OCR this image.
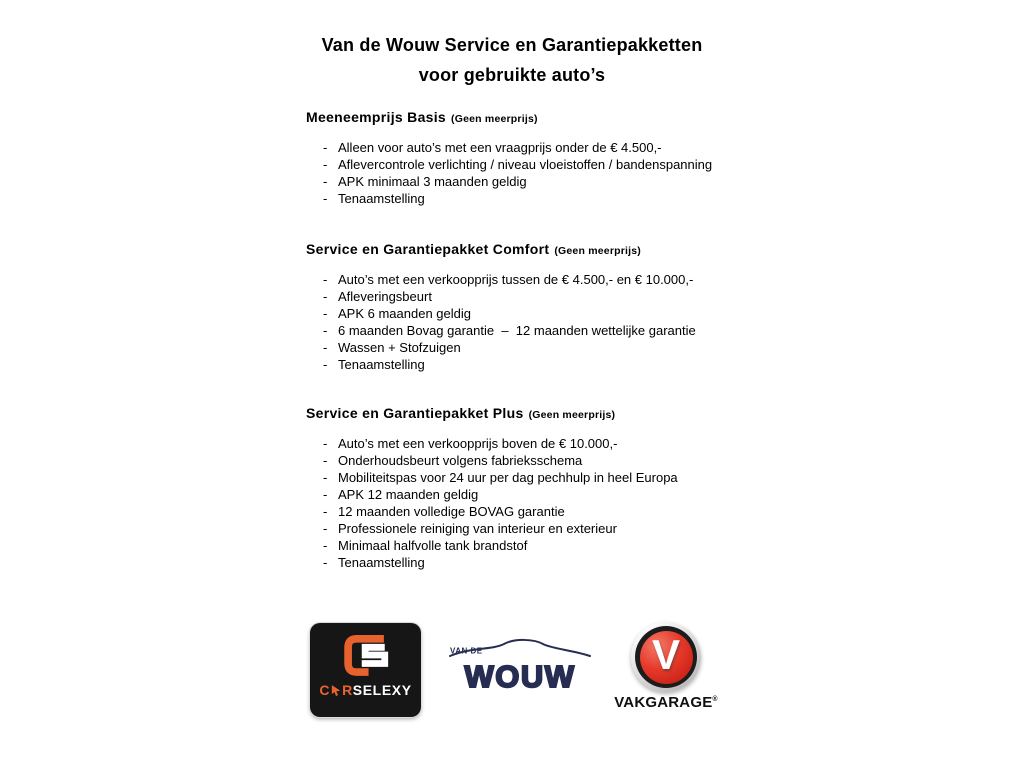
Van de Wouw Service en Garantiepakketten
voor gebruikte auto’s
Meeneemprijs Basis (Geen meerprijs)
- Alleen voor auto’s met een vraagprijs onder de € 4.500,-
- Aflevercontrole verlichting / niveau vloeistoffen / bandenspanning
- APK minimaal 3 maanden geldig
- Tenaamstelling
Service en Garantiepakket Comfort (Geen meerprijs)
- Auto’s met een verkoopprijs tussen de € 4.500,- en € 10.000,-
- Afleveringsbeurt
- APK 6 maanden geldig
- 6 maanden Bovag garantie  –  12 maanden wettelijke garantie
- Wassen + Stofzuigen
- Tenaamstelling
Service en Garantiepakket Plus (Geen meerprijs)
- Auto’s met een verkoopprijs boven de € 10.000,-
- Onderhoudsbeurt volgens fabrieksschema
- Mobiliteitspas voor 24 uur per dag pechhulp in heel Europa
- APK 12 maanden geldig
- 12 maanden volledige BOVAG garantie
- Professionele reiniging van interieur en exterieur
- Minimaal halfvolle tank brandstof
- Tenaamstelling
C R SELEXY
VAN DE
WOUW V
VAKGARAGE®
